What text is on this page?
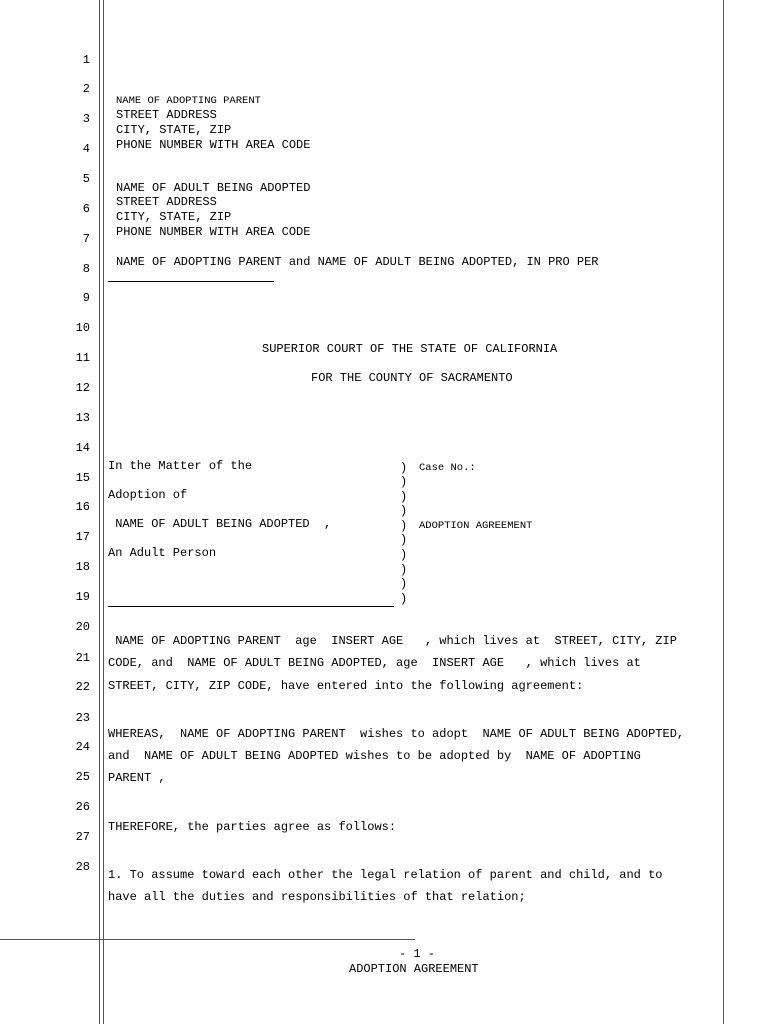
1
2
3
4
5
6
7
8
9
10
11
12
13
14
15
16
17
18
19
20
21
22
23
24
25
26
27
28
NAME OF ADOPTING PARENT
STREET ADDRESS
CITY, STATE, ZIP
PHONE NUMBER WITH AREA CODE
NAME OF ADULT BEING ADOPTED
STREET ADDRESS
CITY, STATE, ZIP
PHONE NUMBER WITH AREA CODE
NAME OF ADOPTING PARENT and NAME OF ADULT BEING ADOPTED, IN PRO PER
SUPERIOR COURT OF THE STATE OF CALIFORNIA
FOR THE COUNTY OF SACRAMENTO
In the Matter of the
Adoption of
NAME OF ADULT BEING ADOPTED  ,
An Adult Person
)
)
)
)
)
)
)
)
)
)
Case No.:
ADOPTION AGREEMENT
NAME OF ADOPTING PARENT  age  INSERT AGE   , which lives at  STREET, CITY, ZIP
CODE, and  NAME OF ADULT BEING ADOPTED, age  INSERT AGE   , which lives at
STREET, CITY, ZIP CODE, have entered into the following agreement:
WHEREAS,  NAME OF ADOPTING PARENT  wishes to adopt  NAME OF ADULT BEING ADOPTED,
and  NAME OF ADULT BEING ADOPTED wishes to be adopted by  NAME OF ADOPTING
PARENT ,
THEREFORE, the parties agree as follows:
1. To assume toward each other the legal relation of parent and child, and to
have all the duties and responsibilities of that relation;
- 1 -
ADOPTION AGREEMENT
